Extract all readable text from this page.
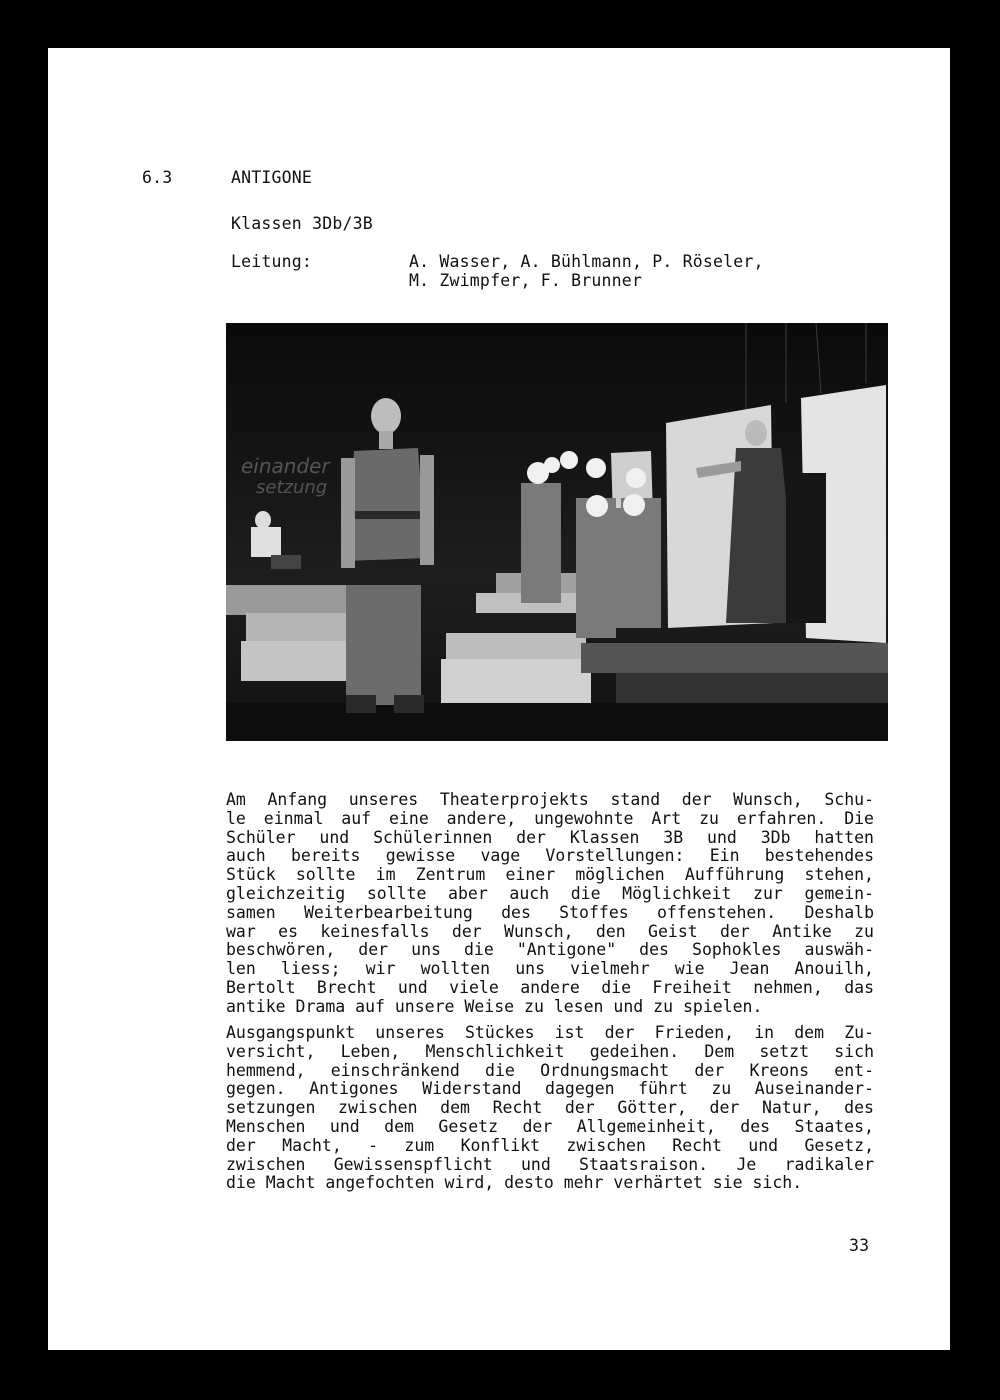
6.3	ANTIGONE
Klassen 3Db/3B
Leitung:	A. Wasser, A. Bühlmann, P. Röseler,
M. Zwimpfer, F. Brunner
einander
setzung
Am Anfang unseres Theaterprojekts stand der Wunsch, Schu-
le einmal auf eine andere, ungewohnte Art zu erfahren. Die
Schüler und Schülerinnen der Klassen 3B und 3Db hatten
auch bereits gewisse vage Vorstellungen: Ein bestehendes
Stück sollte im Zentrum einer möglichen Aufführung stehen,
gleichzeitig sollte aber auch die Möglichkeit zur gemein-
samen Weiterbearbeitung des Stoffes offenstehen. Deshalb
war es keinesfalls der Wunsch, den Geist der Antike zu
beschwören, der uns die "Antigone" des Sophokles auswäh-
len liess; wir wollten uns vielmehr wie Jean Anouilh,
Bertolt Brecht und viele andere die Freiheit nehmen, das
antike Drama auf unsere Weise zu lesen und zu spielen.
Ausgangspunkt unseres Stückes ist der Frieden, in dem Zu-
versicht, Leben, Menschlichkeit gedeihen. Dem setzt sich
hemmend, einschränkend die Ordnungsmacht der Kreons ent-
gegen. Antigones Widerstand dagegen führt zu Auseinander-
setzungen zwischen dem Recht der Götter, der Natur, des
Menschen und dem Gesetz der Allgemeinheit, des Staates,
der Macht, - zum Konflikt zwischen Recht und Gesetz,
zwischen Gewissenspflicht und Staatsraison. Je radikaler
die Macht angefochten wird, desto mehr verhärtet sie sich.
33
